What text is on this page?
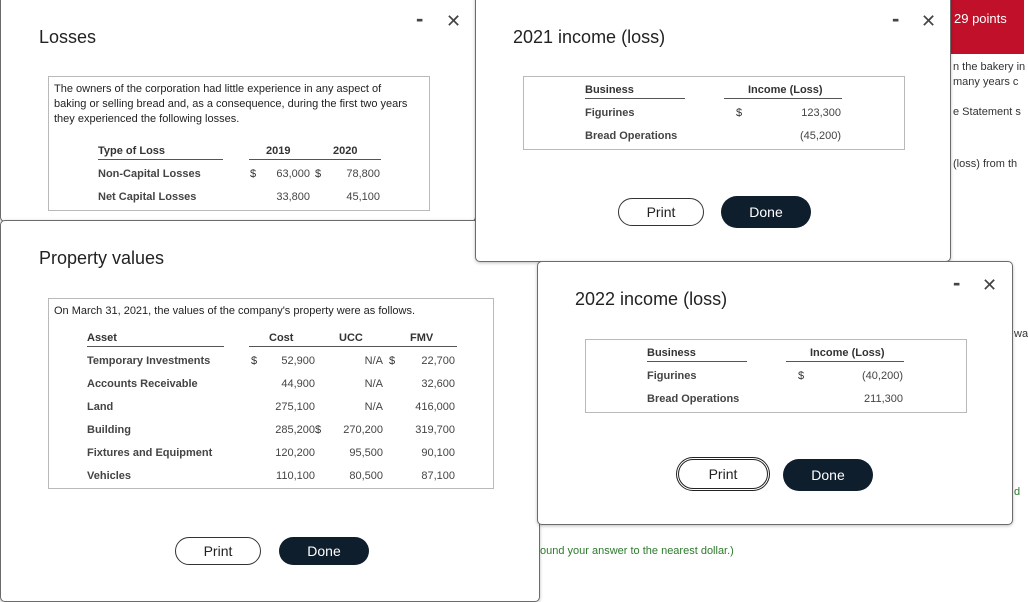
29 points
n the bakery in
many years c
e Statement s
(loss) from th
wa
d
ound your answer to the nearest dollar.)
Losses
- ✕
The owners of the corporation had little experience in any aspect of baking or selling bread and, as a consequence, during the first two years they experienced the following losses.
Type of Loss	2019	2020
Non-Capital Losses	$	63,000 $	78,800
Net Capital Losses	33,800	45,100
Property values
On March 31, 2021, the values of the company's property were as follows.
Asset	Cost	UCC	FMV
Temporary Investments	$	52,900	N/A $	22,700
Accounts Receivable	44,900	N/A	32,600
Land	275,100	N/A	416,000
Building	285,200 $	270,200	319,700
Fixtures and Equipment	120,200	95,500	90,100
Vehicles	110,100	80,500	87,100
Print	Done
2021 income (loss)
Business	Income (Loss)
Figurines	$	123,300
Bread Operations	(45,200)
Print	Done
- ✕
2022 income (loss)
- ✕
Business	Income (Loss)
Figurines	$	(40,200)
Bread Operations	211,300
Print	Done
